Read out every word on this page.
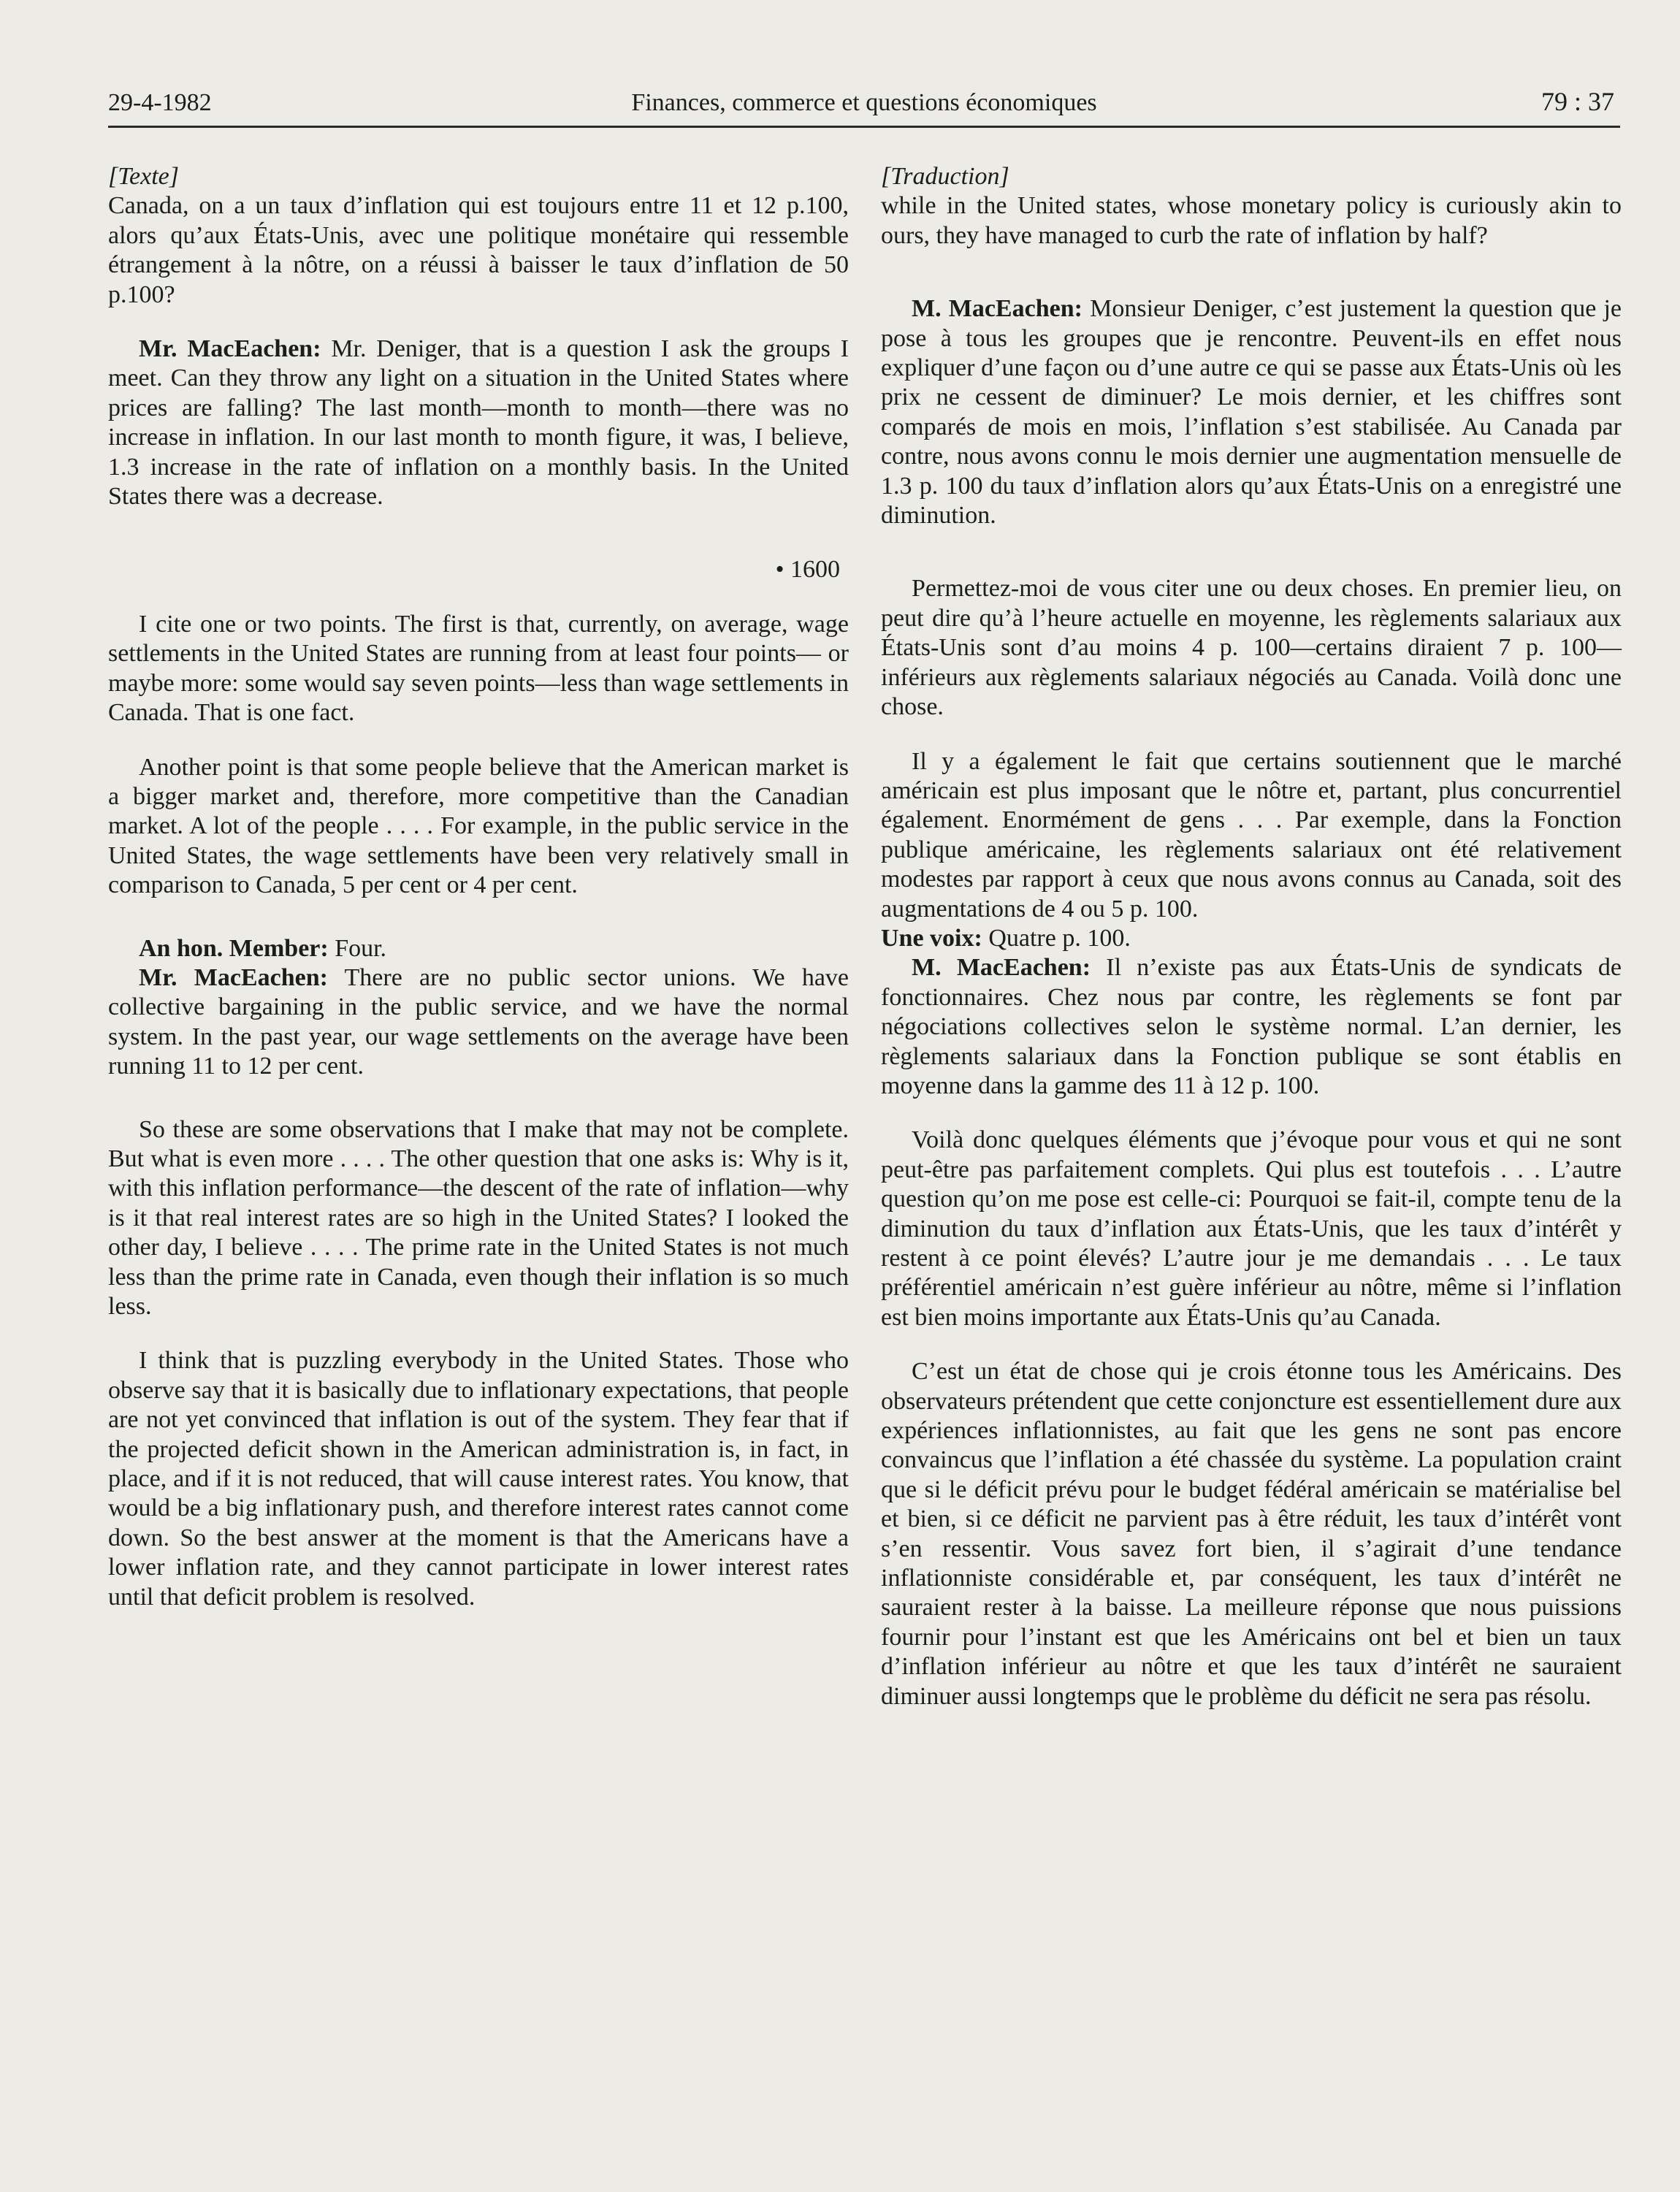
29-4-1982	Finances, commerce et questions économiques	79 : 37

[Texte]

Canada, on a un taux d’inflation qui est toujours entre 11 et 12 p.100, alors qu’aux États-Unis, avec une politique monétaire qui ressemble étrangement à la nôtre, on a réussi à baisser le taux d’inflation de 50 p.100?

Mr. MacEachen: Mr. Deniger, that is a question I ask the groups I meet. Can they throw any light on a situation in the United States where prices are falling? The last month—month to month—there was no increase in inflation. In our last month to month figure, it was, I believe, 1.3 increase in the rate of inflation on a monthly basis. In the United States there was a decrease.

• 1600

I cite one or two points. The first is that, currently, on average, wage settlements in the United States are running from at least four points— or maybe more: some would say seven points—less than wage settlements in Canada. That is one fact.

Another point is that some people believe that the American market is a bigger market and, therefore, more competitive than the Canadian market. A lot of the people . . . . For example, in the public service in the United States, the wage settlements have been very relatively small in comparison to Canada, 5 per cent or 4 per cent.

An hon. Member: Four.

Mr. MacEachen: There are no public sector unions. We have collective bargaining in the public service, and we have the normal system. In the past year, our wage settlements on the average have been running 11 to 12 per cent.

So these are some observations that I make that may not be complete. But what is even more . . . . The other question that one asks is: Why is it, with this inflation performance—the descent of the rate of inflation—why is it that real interest rates are so high in the United States? I looked the other day, I believe . . . . The prime rate in the United States is not much less than the prime rate in Canada, even though their inflation is so much less.

I think that is puzzling everybody in the United States. Those who observe say that it is basically due to inflationary expectations, that people are not yet convinced that inflation is out of the system. They fear that if the projected deficit shown in the American administration is, in fact, in place, and if it is not reduced, that will cause interest rates. You know, that would be a big inflationary push, and therefore interest rates cannot come down. So the best answer at the moment is that the Americans have a lower inflation rate, and they cannot participate in lower interest rates until that deficit problem is resolved.

[Traduction]

while in the United states, whose monetary policy is curiously akin to ours, they have managed to curb the rate of inflation by half?

M. MacEachen: Monsieur Deniger, c’est justement la question que je pose à tous les groupes que je rencontre. Peuvent-ils en effet nous expliquer d’une façon ou d’une autre ce qui se passe aux États-Unis où les prix ne cessent de diminuer? Le mois dernier, et les chiffres sont comparés de mois en mois, l’inflation s’est stabilisée. Au Canada par contre, nous avons connu le mois dernier une augmentation mensuelle de 1.3 p. 100 du taux d’inflation alors qu’aux États-Unis on a enregistré une diminution.

Permettez-moi de vous citer une ou deux choses. En premier lieu, on peut dire qu’à l’heure actuelle en moyenne, les règlements salariaux aux États-Unis sont d’au moins 4 p. 100—certains diraient 7 p. 100—inférieurs aux règlements salariaux négociés au Canada. Voilà donc une chose.

Il y a également le fait que certains soutiennent que le marché américain est plus imposant que le nôtre et, partant, plus concurrentiel également. Enormément de gens . . . Par exemple, dans la Fonction publique américaine, les règlements salariaux ont été relativement modestes par rapport à ceux que nous avons connus au Canada, soit des augmentations de 4 ou 5 p. 100.

Une voix: Quatre p. 100.

M. MacEachen: Il n’existe pas aux États-Unis de syndicats de fonctionnaires. Chez nous par contre, les règlements se font par négociations collectives selon le système normal. L’an dernier, les règlements salariaux dans la Fonction publique se sont établis en moyenne dans la gamme des 11 à 12 p. 100.

Voilà donc quelques éléments que j’évoque pour vous et qui ne sont peut-être pas parfaitement complets. Qui plus est toutefois . . . L’autre question qu’on me pose est celle-ci: Pourquoi se fait-il, compte tenu de la diminution du taux d’inflation aux États-Unis, que les taux d’intérêt y restent à ce point élevés? L’autre jour je me demandais . . . Le taux préférentiel américain n’est guère inférieur au nôtre, même si l’inflation est bien moins importante aux États-Unis qu’au Canada.

C’est un état de chose qui je crois étonne tous les Américains. Des observateurs prétendent que cette conjoncture est essentiellement dure aux expériences inflationnistes, au fait que les gens ne sont pas encore convaincus que l’inflation a été chassée du système. La population craint que si le déficit prévu pour le budget fédéral américain se matérialise bel et bien, si ce déficit ne parvient pas à être réduit, les taux d’intérêt vont s’en ressentir. Vous savez fort bien, il s’agirait d’une tendance inflationniste considérable et, par conséquent, les taux d’intérêt ne sauraient rester à la baisse. La meilleure réponse que nous puissions fournir pour l’instant est que les Américains ont bel et bien un taux d’inflation inférieur au nôtre et que les taux d’intérêt ne sauraient diminuer aussi longtemps que le problème du déficit ne sera pas résolu.
